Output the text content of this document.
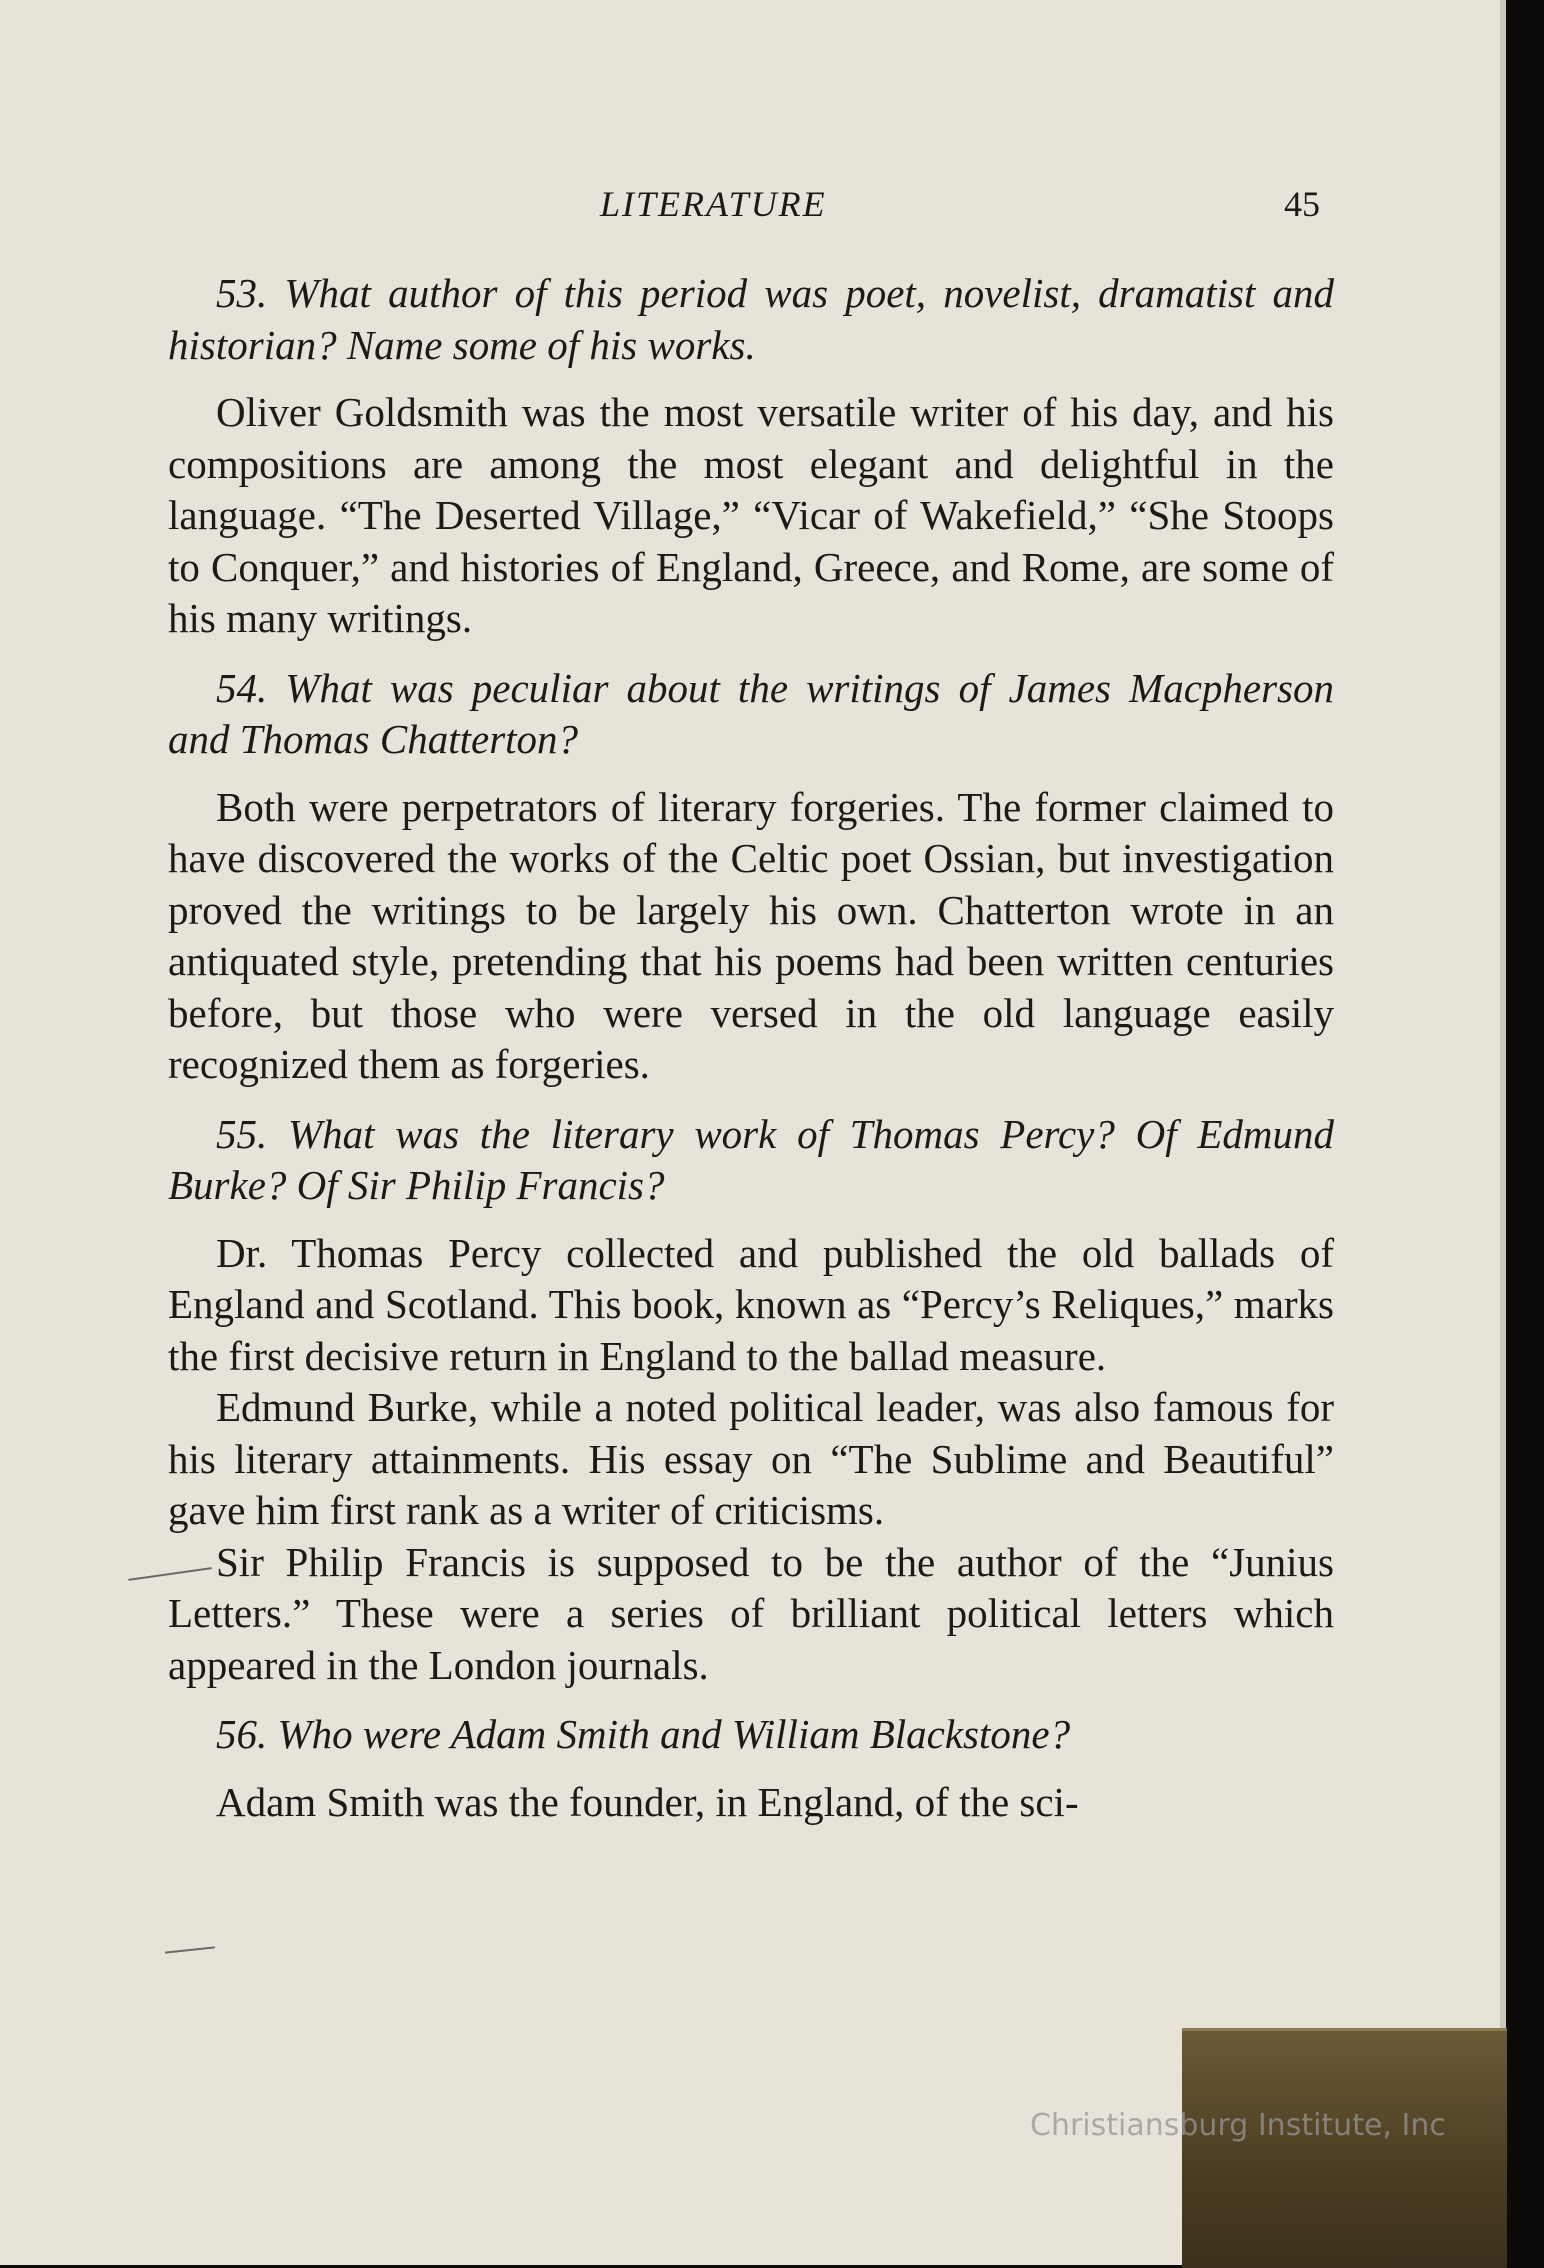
LITERATURE	45

53. What author of this period was poet, novelist, dramatist and historian? Name some of his works.

Oliver Goldsmith was the most versatile writer of his day, and his compositions are among the most elegant and delightful in the language. “The Deserted Village,” “Vicar of Wakefield,” “She Stoops to Conquer,” and histories of England, Greece, and Rome, are some of his many writings.

54. What was peculiar about the writings of James Macpherson and Thomas Chatterton?

Both were perpetrators of literary forgeries. The former claimed to have discovered the works of the Celtic poet Ossian, but investigation proved the writings to be largely his own. Chatterton wrote in an antiquated style, pretending that his poems had been written centuries before, but those who were versed in the old language easily recognized them as forgeries.

55. What was the literary work of Thomas Percy? Of Edmund Burke? Of Sir Philip Francis?

Dr. Thomas Percy collected and published the old ballads of England and Scotland. This book, known as “Percy’s Reliques,” marks the first decisive return in England to the ballad measure.

Edmund Burke, while a noted political leader, was also famous for his literary attainments. His essay on “The Sublime and Beautiful” gave him first rank as a writer of criticisms.

Sir Philip Francis is supposed to be the author of the “Junius Letters.” These were a series of brilliant political letters which appeared in the London journals.

56. Who were Adam Smith and William Blackstone?

Adam Smith was the founder, in England, of the sci-

Christiansburg Institute, Inc
